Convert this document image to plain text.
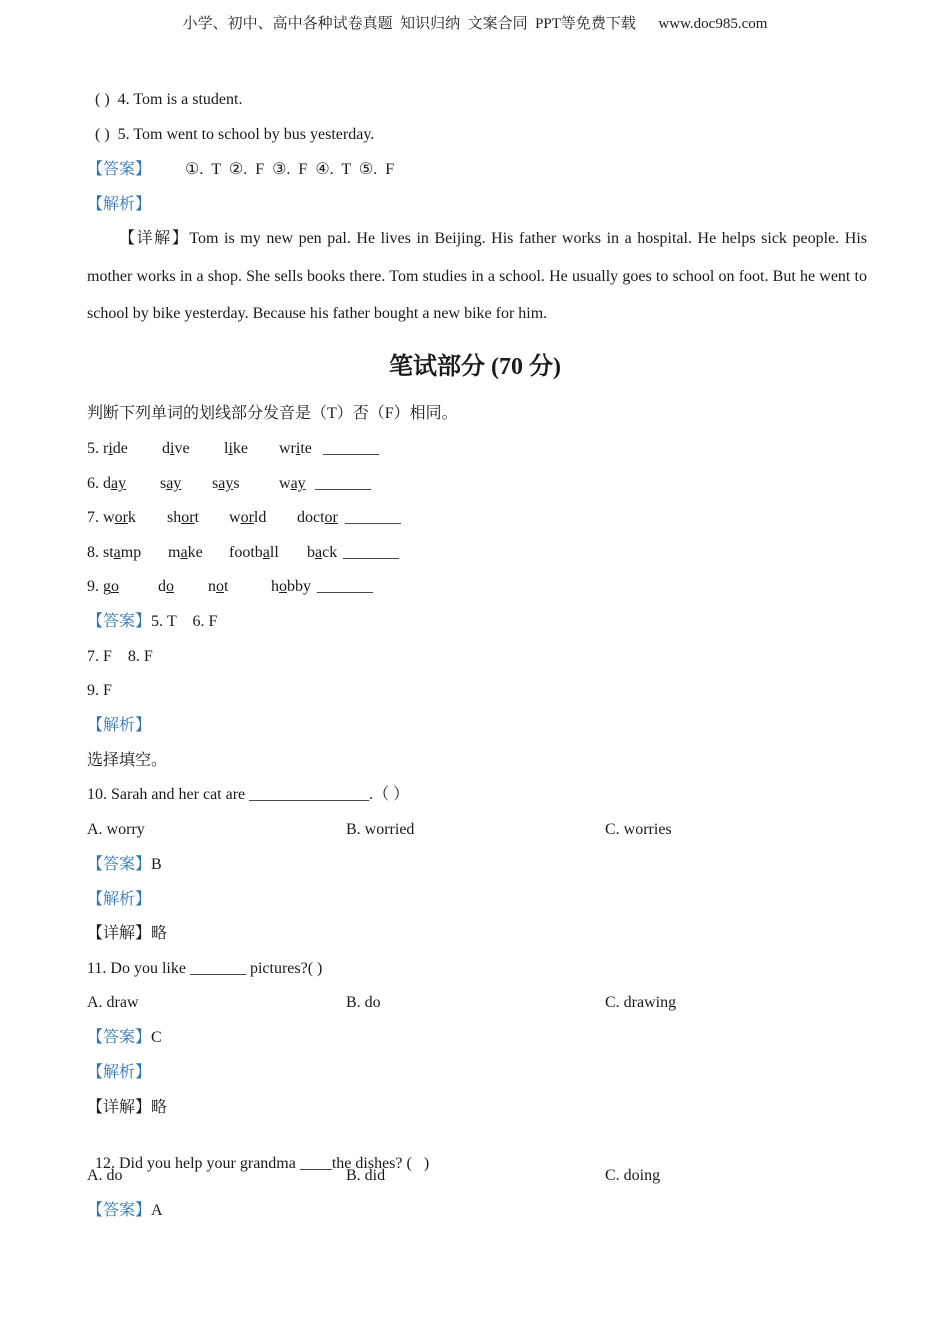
小学、初中、高中各种试卷真题  知识归纳  文案合同  PPT等免费下载      www.doc985.com
( ) 4. Tom is a student.
( ) 5. Tom went to school by bus yesterday.
【答案】 ①. T ②. F ③. F ④. T ⑤. F
【解析】
【详解】Tom is my new pen pal. He lives in Beijing. His father works in a hospital. He helps sick people. His mother works in a shop. She sells books there. Tom studies in a school. He usually goes to school on foot. But he went to school by bike yesterday. Because his father bought a new bike for him.
笔试部分 (70 分)
判断下列单词的划线部分发音是（T）否（F）相同。
5. ride dive like write _______
6. day say says way _______
7. work short world doctor _______
8. stamp make football back _______
9. go do not	hobby _______
【答案】5. T    6. F
7. F    8. F
9. F
【解析】
选择填空。
10. Sarah and her cat are _______________.（ ）
A. worry	B. worried	C. worries
【答案】B
【解析】
【详解】略
11. Do you like _______ pictures?( )
A. draw	B. do	C. drawing
【答案】C
【解析】
【详解】略

12. Did you help your grandma ____the dishes? (   )

A. do	B. did	C. doing
【答案】A
